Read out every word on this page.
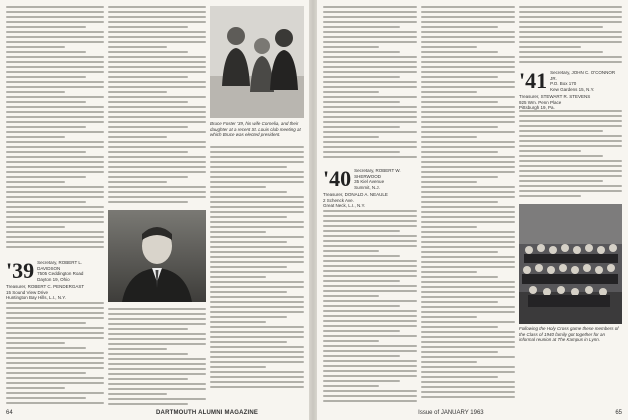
'39 Secretary, ROBERT L. DAVIDSON
7505 Ceddington Road
Dayton 19, Ohio
Treasurer, ROBERT C. PENDERGAST
15 Sound View Drive
Huntington Bay Hills, L.I., N.Y.
Bruce Foster '39, his wife Cornelia, and their daughter at a recent St. Louis club meeting at which Bruce was elected president.
64	DARTMOUTH ALUMNI MAGAZINE
'40 Secretary, ROBERT W. SHERWOOD
35 Kiel Avenue
Summit, N.J.
Treasurer, DONALD A. NEAULE
2 Schenck Ave.
Great Neck, L.I., N.Y.
'41 Secretary, JOHN C. O'CONNOR JR.
P.O. Box 170
Kew Gardens 15, N.Y.
Treasurer, STEWART R. STEVENS
925 Wm. Penn Place
Pittsburgh 19, Pa.
Following the Holy Cross game these members of the Class of 1940 family got together for an informal reunion at The Kampus in Lynn.
Issue of JANUARY 1963	65
